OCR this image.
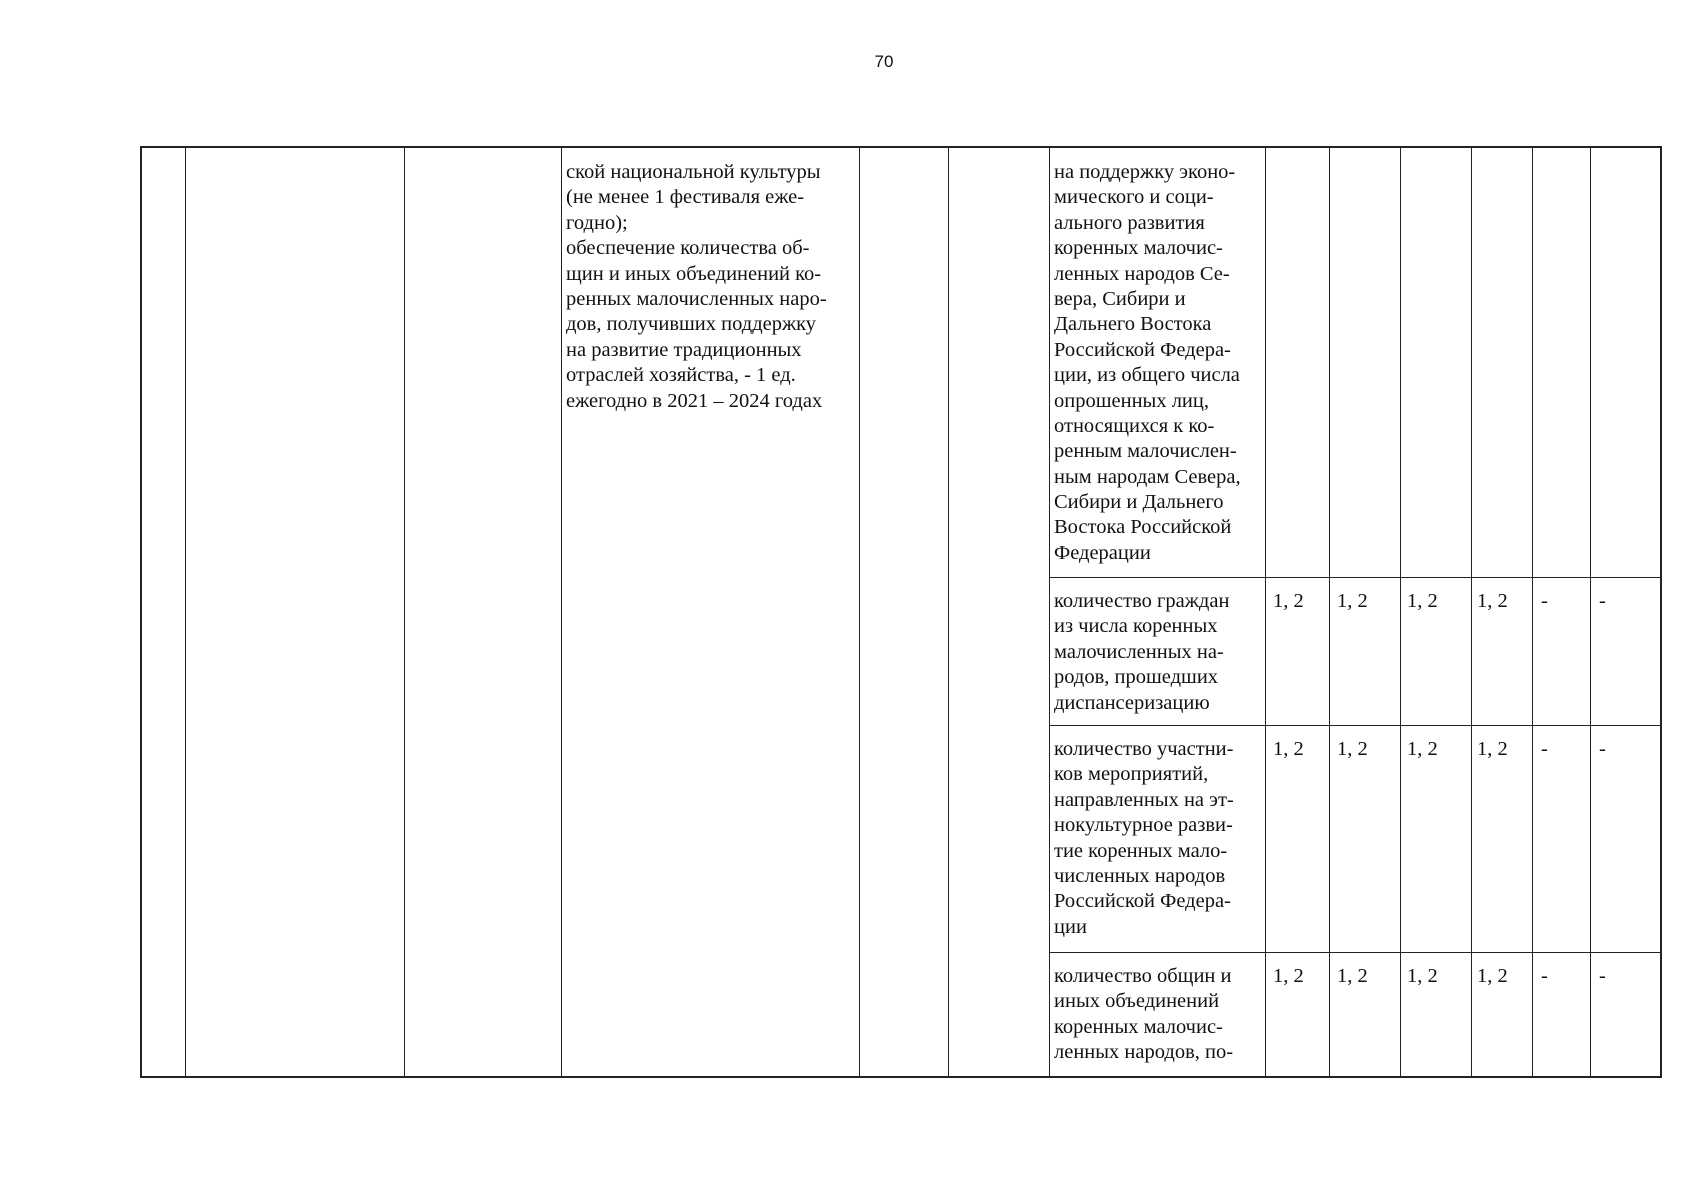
70
ской национальной культуры
(не менее 1 фестиваля еже-
годно);
обеспечение количества об-
щин и иных объединений ко-
ренных малочисленных наро-
дов, получивших поддержку
на развитие традиционных
отраслей хозяйства, - 1 ед.
ежегодно в 2021 – 2024 годах
на поддержку эконо-
мического и соци-
ального развития
коренных малочис-
ленных народов Се-
вера, Сибири и
Дальнего Востока
Российской Федера-
ции, из общего числа
опрошенных лиц,
относящихся к ко-
ренным малочислен-
ным народам Севера,
Сибири и Дальнего
Востока Российской
Федерации
количество граждан
из числа коренных
малочисленных на-
родов, прошедших
диспансеризацию
1, 2 1, 2 1, 2 1, 2 - -
количество участни-
ков мероприятий,
направленных на эт-
нокультурное разви-
тие коренных мало-
численных народов
Российской Федера-
ции
1, 2 1, 2 1, 2 1, 2 - -
количество общин и
иных объединений
коренных малочис-
ленных народов, по-
1, 2 1, 2 1, 2 1, 2 - -
